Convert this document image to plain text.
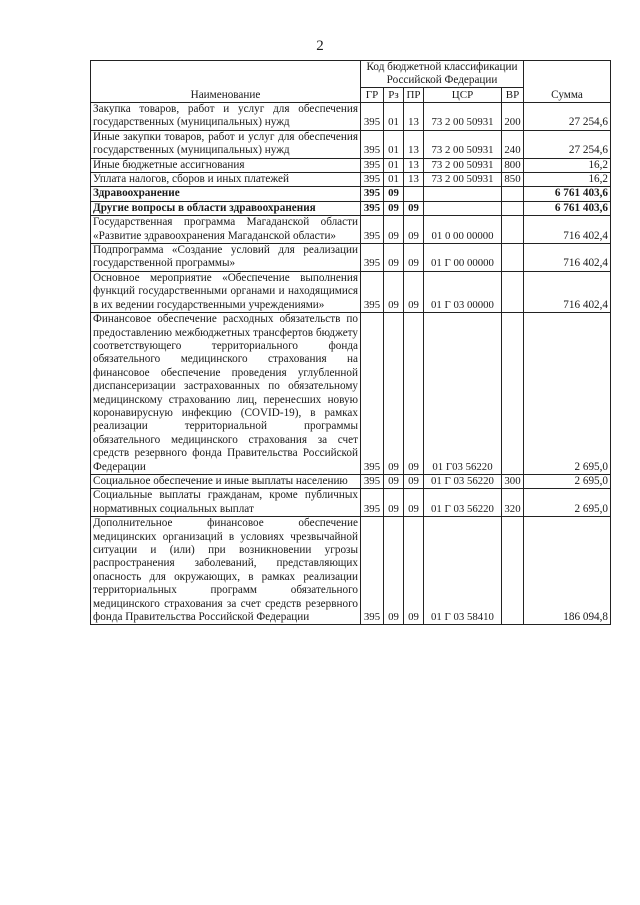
2
Наименование	Код бюджетной классификации Российской Федерации					Сумма
	ГР	Рз	ПР	ЦСР	ВР	
Закупка товаров, работ и услуг для обеспечения государственных (муниципальных) нужд	395	01	13	73 2 00 50931	200	27 254,6
Иные закупки товаров, работ и услуг для обеспечения государственных (муниципальных) нужд	395	01	13	73 2 00 50931	240	27 254,6
Иные бюджетные ассигнования	395	01	13	73 2 00 50931	800	16,2
Уплата налогов, сборов и иных платежей	395	01	13	73 2 00 50931	850	16,2
Здравоохранение	395	09				6 761 403,6
Другие вопросы в области здравоохранения	395	09	09			6 761 403,6
Государственная программа Магаданской области «Развитие здравоохранения Магаданской области»	395	09	09	01 0 00 00000		716 402,4
Подпрограмма «Создание условий для реализации государственной программы»	395	09	09	01 Г 00 00000		716 402,4
Основное мероприятие «Обеспечение выполнения функций государственными органами и находящимися в их ведении государственными учреждениями»	395	09	09	01 Г 03 00000		716 402,4
Финансовое обеспечение расходных обязательств по предоставлению межбюджетных трансфертов бюджету соответствующего территориального фонда обязательного медицинского страхования на финансовое обеспечение проведения углубленной диспансеризации застрахованных по обязательному медицинскому страхованию лиц, перенесших новую коронавирусную инфекцию (COVID-19), в рамках реализации территориальной программы обязательного медицинского страхования за счет средств резервного фонда Правительства Российской Федерации	395	09	09	01 Г03 56220		2 695,0
Социальное обеспечение и иные выплаты населению	395	09	09	01 Г 03 56220	300	2 695,0
Социальные выплаты гражданам, кроме публичных нормативных социальных выплат	395	09	09	01 Г 03 56220	320	2 695,0
Дополнительное финансовое обеспечение медицинских организаций в условиях чрезвычайной ситуации и (или) при возникновении угрозы распространения заболеваний, представляющих опасность для окружающих, в рамках реализации территориальных программ обязательного медицинского страхования за счет средств резервного фонда Правительства Российской Федерации	395	09	09	01 Г 03 58410		186 094,8
